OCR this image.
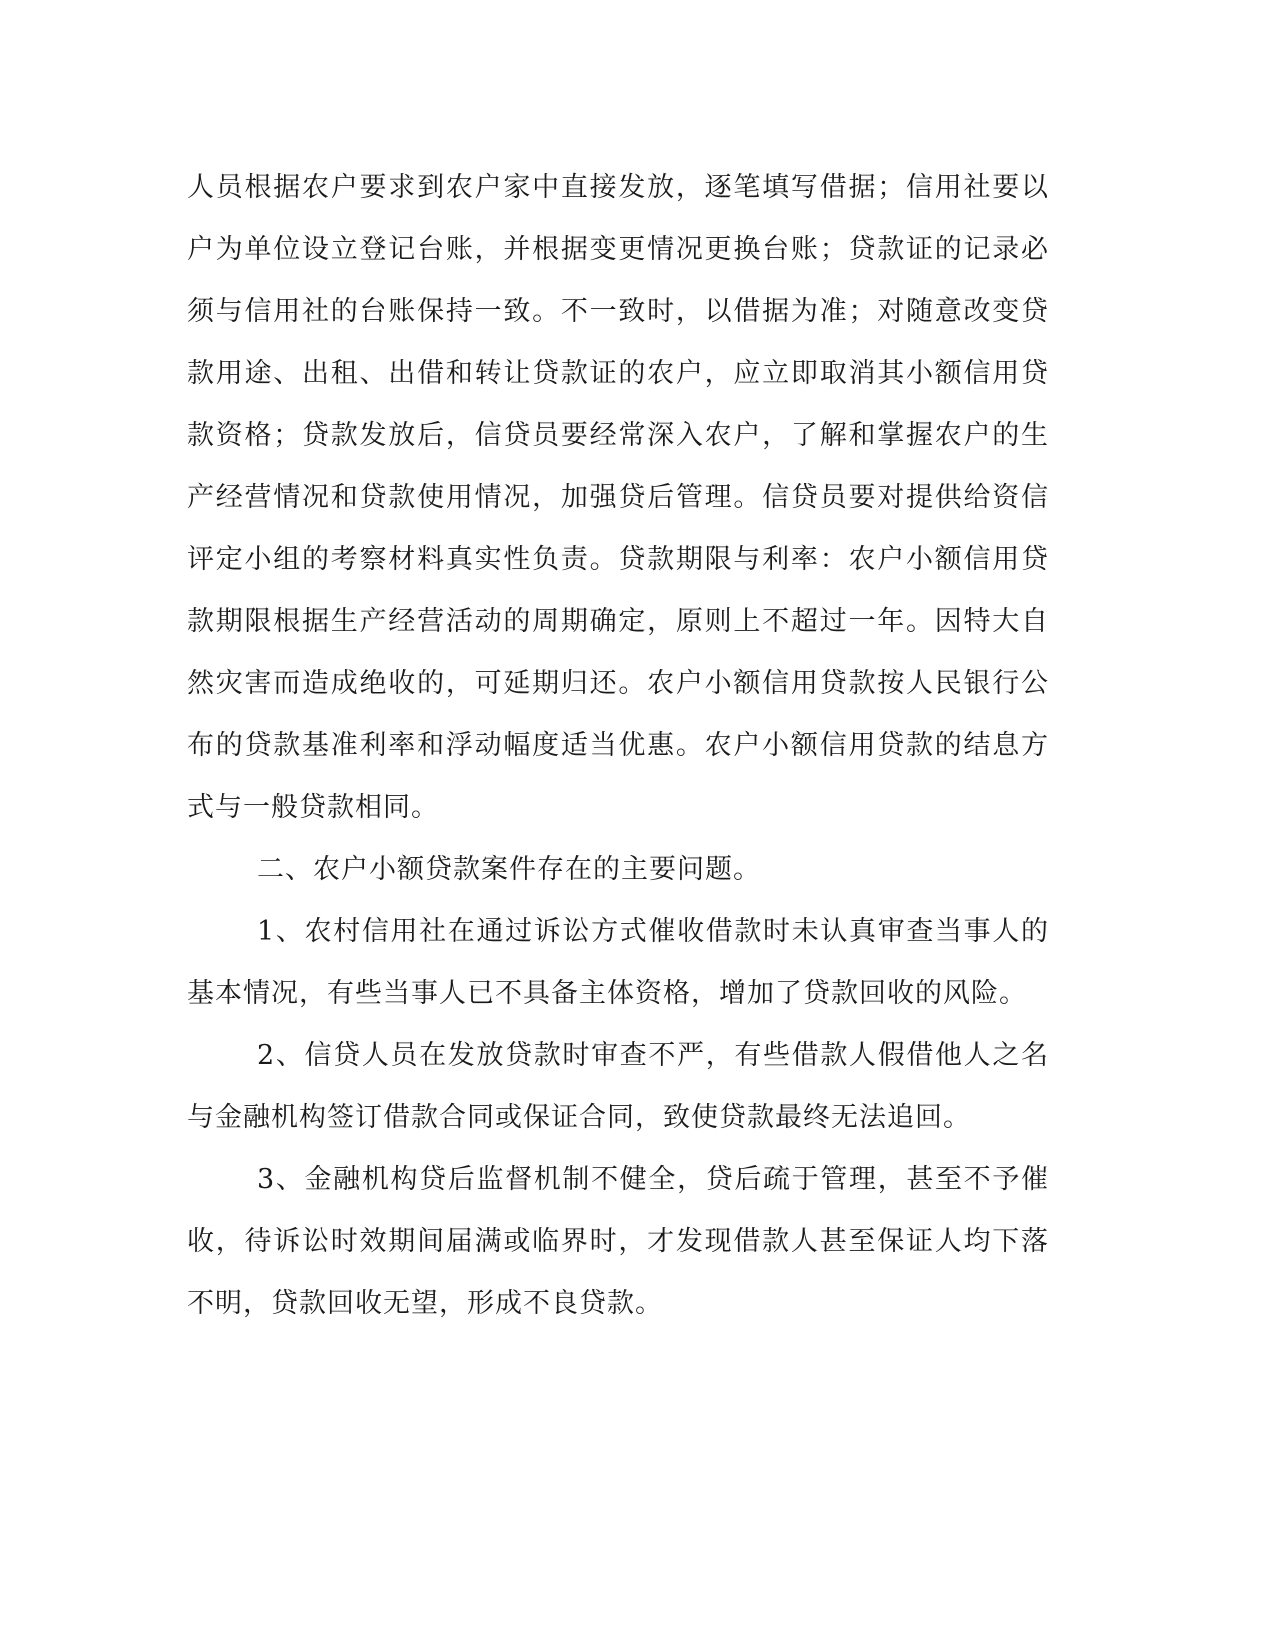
人员根据农户要求到农户家中直接发放，逐笔填写借据；信用社要以
户为单位设立登记台账，并根据变更情况更换台账；贷款证的记录必
须与信用社的台账保持一致。不一致时，以借据为准；对随意改变贷
款用途、出租、出借和转让贷款证的农户，应立即取消其小额信用贷
款资格；贷款发放后，信贷员要经常深入农户，了解和掌握农户的生
产经营情况和贷款使用情况，加强贷后管理。信贷员要对提供给资信
评定小组的考察材料真实性负责。贷款期限与利率：农户小额信用贷
款期限根据生产经营活动的周期确定，原则上不超过一年。因特大自
然灾害而造成绝收的，可延期归还。农户小额信用贷款按人民银行公
布的贷款基准利率和浮动幅度适当优惠。农户小额信用贷款的结息方
式与一般贷款相同。
二、农户小额贷款案件存在的主要问题。
1、农村信用社在通过诉讼方式催收借款时未认真审查当事人的
基本情况，有些当事人已不具备主体资格，增加了贷款回收的风险。
2、信贷人员在发放贷款时审查不严，有些借款人假借他人之名
与金融机构签订借款合同或保证合同，致使贷款最终无法追回。
3、金融机构贷后监督机制不健全，贷后疏于管理，甚至不予催
收，待诉讼时效期间届满或临界时，才发现借款人甚至保证人均下落
不明，贷款回收无望，形成不良贷款。
